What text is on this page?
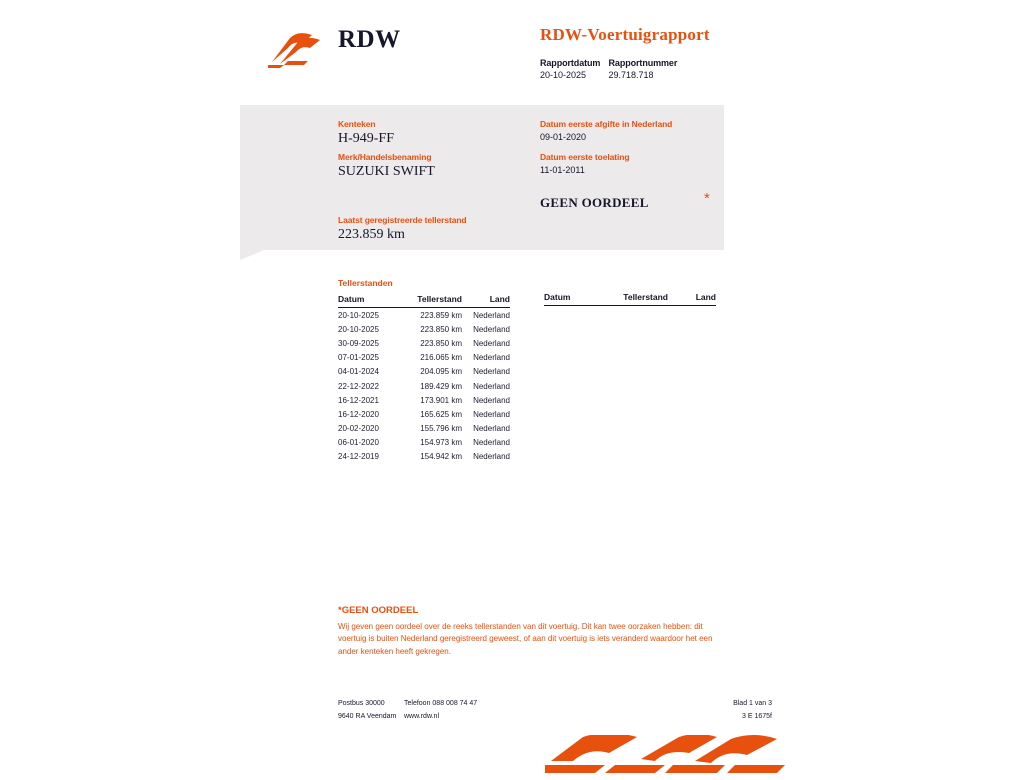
RDW	RDW-Voertuigrapport
Rapportdatum
20-10-2025

Rapportnummer
29.718.718
Kenteken
H-949-FF
Merk/Handelsbenaming
SUZUKI SWIFT
Laatst geregistreerde tellerstand
223.859 km
Datum eerste afgifte in Nederland
09-01-2020
Datum eerste toelating
11-01-2011
GEEN OORDEEL	*
Tellerstanden
Datum	Tellerstand	Land
20-10-2025	223.859 km	Nederland
20-10-2025	223.850 km	Nederland
30-09-2025	223.850 km	Nederland
07-01-2025	216.065 km	Nederland
04-01-2024	204.095 km	Nederland
22-12-2022	189.429 km	Nederland
16-12-2021	173.901 km	Nederland
16-12-2020	165.625 km	Nederland
20-02-2020	155.796 km	Nederland
06-01-2020	154.973 km	Nederland
24-12-2019	154.942 km	Nederland
Datum	Tellerstand	Land
*GEEN OORDEEL
Wij geven geen oordeel over de reeks tellerstanden van dit voertuig. Dit kan twee oorzaken hebben: dit voertuig is buiten Nederland geregistreerd geweest, of aan dit voertuig is iets veranderd waardoor het een ander kenteken heeft gekregen.
Postbus 30000	Telefoon 088 008 74 47
9640 RA Veendam www.rdw.nl
Blad 1 van 3
3 E 1675f
